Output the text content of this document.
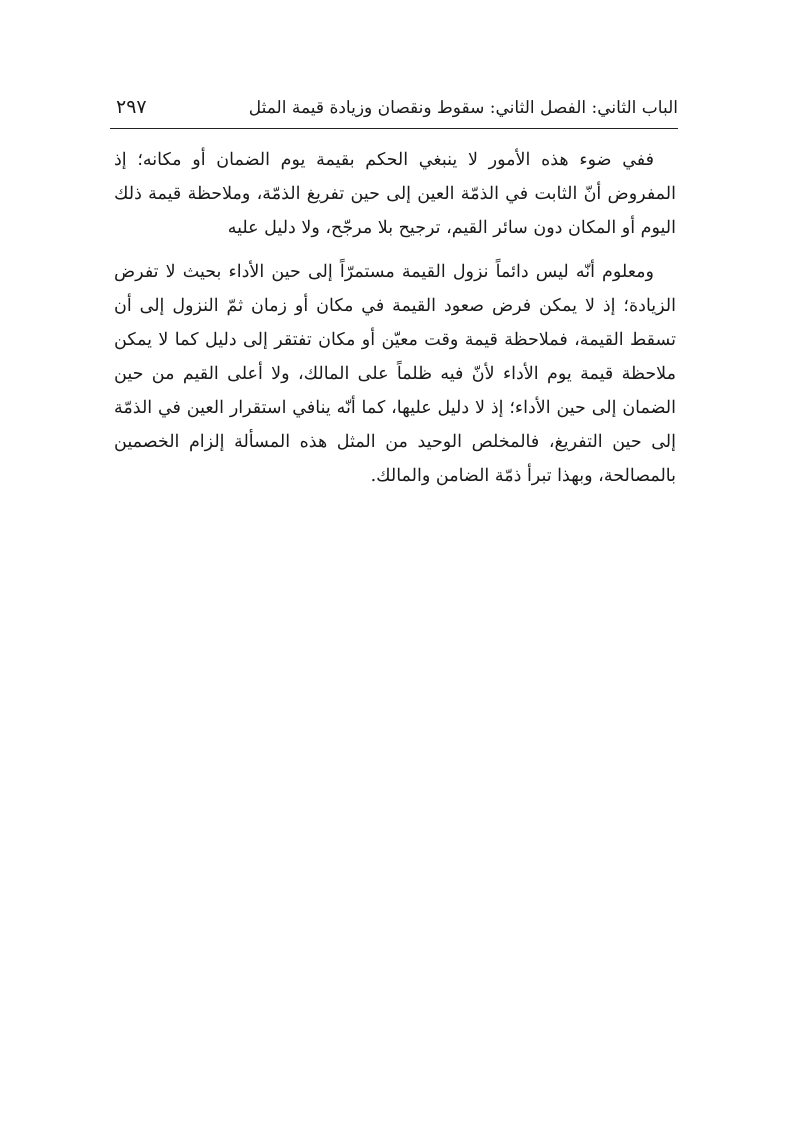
الباب الثاني: الفصل الثاني: سقوط ونقصان وزيادة قيمة المثل
٢٩٧

ففي ضوء هذه الأمور لا ينبغي الحكم بقيمة يوم الضمان أو مكانه؛ إذ المفروض أنّ الثابت في الذمّة العين إلى حين تفريغ الذمّة، وملاحظة قيمة ذلك اليوم أو المكان دون سائر القيم، ترجيح بلا مرجّح، ولا دليل عليه

ومعلوم أنّه ليس دائماً نزول القيمة مستمرّاً إلى حين الأداء بحيث لا تفرض الزيادة؛ إذ لا يمكن فرض صعود القيمة في مكان أو زمان ثمّ النزول إلى أن تسقط القيمة، فملاحظة قيمة وقت معيّن أو مكان تفتقر إلى دليل كما لا يمكن ملاحظة قيمة يوم الأداء لأنّ فيه ظلماً على المالك، ولا أعلى القيم من حين الضمان إلى حين الأداء؛ إذ لا دليل عليها، كما أنّه ينافي استقرار العين في الذمّة إلى حين التفريغ، فالمخلص الوحيد من المثل هذه المسألة إلزام الخصمين بالمصالحة، وبهذا تبرأ ذمّة الضامن والمالك.
